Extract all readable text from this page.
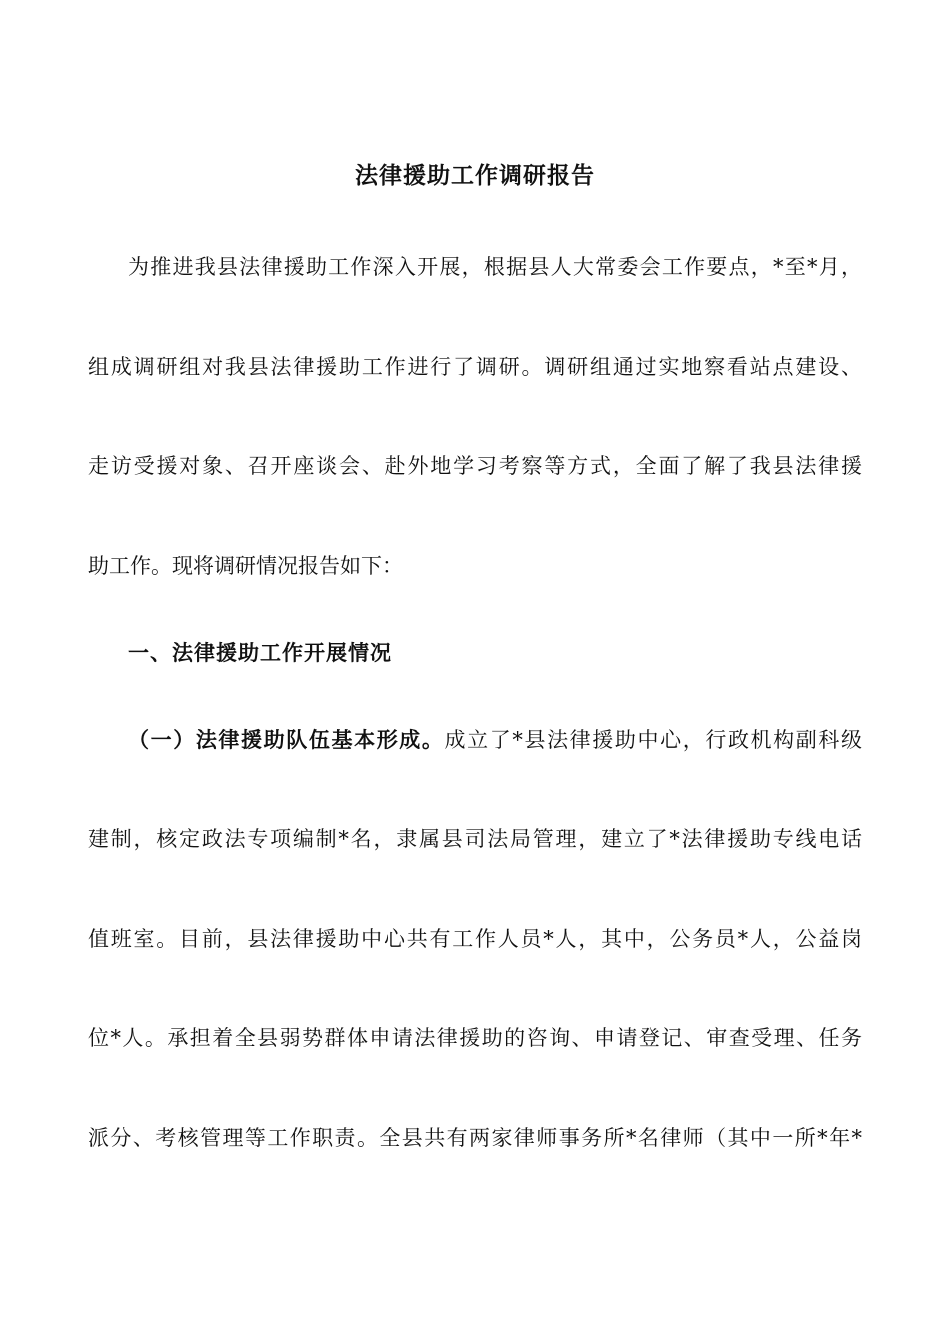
法律援助工作调研报告
为推进我县法律援助工作深入开展，根据县人大常委会工作要点，*至*月，
组成调研组对我县法律援助工作进行了调研。调研组通过实地察看站点建设、
走访受援对象、召开座谈会、赴外地学习考察等方式，全面了解了我县法律援
助工作。现将调研情况报告如下：
一、法律援助工作开展情况
（一）法律援助队伍基本形成。成立了*县法律援助中心，行政机构副科级
建制，核定政法专项编制*名，隶属县司法局管理，建立了*法律援助专线电话
值班室。目前，县法律援助中心共有工作人员*人，其中，公务员*人，公益岗
位*人。承担着全县弱势群体申请法律援助的咨询、申请登记、审查受理、任务
派分、考核管理等工作职责。全县共有两家律师事务所*名律师（其中一所*年*
